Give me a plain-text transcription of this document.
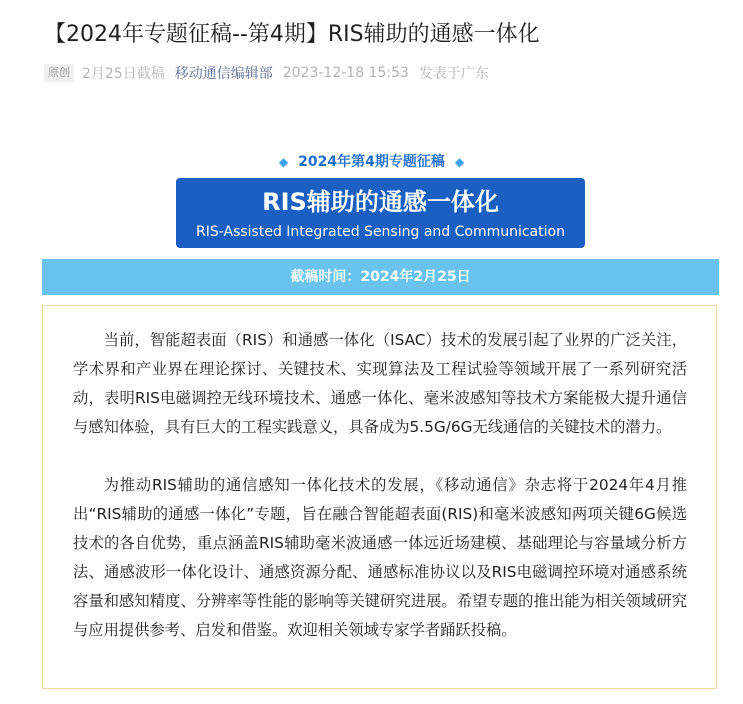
【2024年专题征稿--第4期】RIS辅助的通感一体化
原创 2月25日截稿 移动通信编辑部 2023-12-18 15:53 发表于广东
◆ 2024年第4期专题征稿 ◆
RIS辅助的通感一体化
RIS-Assisted Integrated Sensing and Communication
截稿时间：2024年2月25日

当前，智能超表面（RIS）和通感一体化（ISAC）技术的发展引起了业界的广泛关注，学术界和产业界在理论探讨、关键技术、实现算法及工程试验等领域开展了一系列研究活动，表明RIS电磁调控无线环境技术、通感一体化、毫米波感知等技术方案能极大提升通信与感知体验，具有巨大的工程实践意义，具备成为5.5G/6G无线通信的关键技术的潜力。

为推动RIS辅助的通信感知一体化技术的发展，《移动通信》杂志将于2024年4月推出“RIS辅助的通感一体化”专题，旨在融合智能超表面(RIS)和毫米波感知两项关键6G候选技术的各自优势，重点涵盖RIS辅助毫米波通感一体远近场建模、基础理论与容量域分析方法、通感波形一体化设计、通感资源分配、通感标准协议以及RIS电磁调控环境对通感系统容量和感知精度、分辨率等性能的影响等关键研究进展。希望专题的推出能为相关领域研究与应用提供参考、启发和借鉴。欢迎相关领域专家学者踊跃投稿。
